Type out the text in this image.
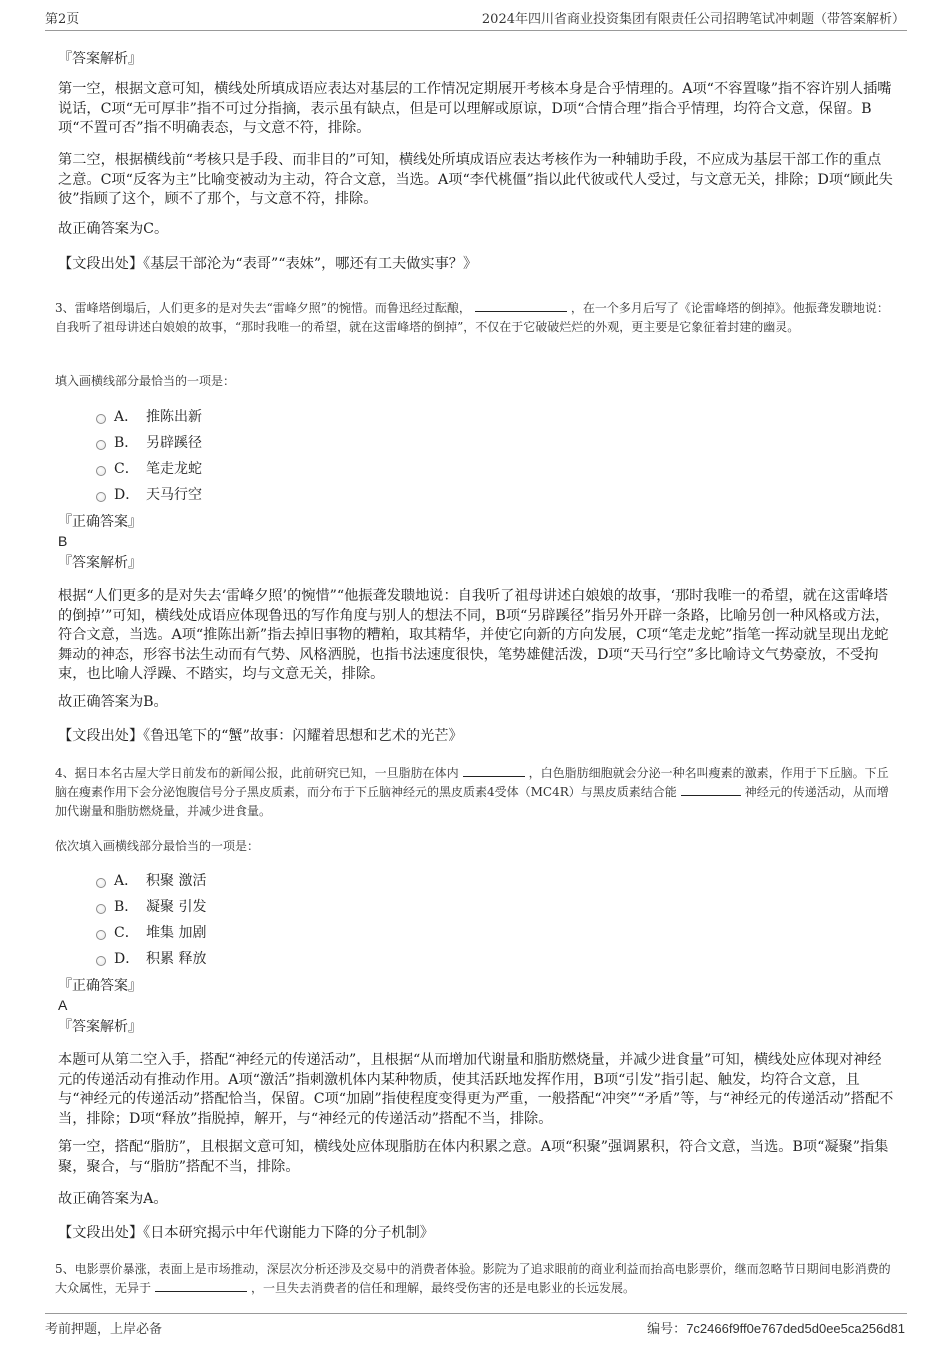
第2页	2024年四川省商业投资集团有限责任公司招聘笔试冲刺题（带答案解析）
『答案解析』
第一空，根据文意可知，横线处所填成语应表达对基层的工作情况定期展开考核本身是合乎情理的。A项“不容置喙”指不容许别人插嘴说话，C项“无可厚非”指不可过分指摘，表示虽有缺点，但是可以理解或原谅，D项“合情合理”指合乎情理，均符合文意，保留。B项“不置可否”指不明确表态，与文意不符，排除。
第二空，根据横线前“考核只是手段、而非目的”可知，横线处所填成语应表达考核作为一种辅助手段，不应成为基层干部工作的重点之意。C项“反客为主”比喻变被动为主动，符合文意，当选。A项“李代桃僵”指以此代彼或代人受过，与文意无关，排除；D项“顾此失彼”指顾了这个，顾不了那个，与文意不符，排除。
故正确答案为C。
【文段出处】《基层干部沦为“表哥”“表妹”，哪还有工夫做实事？》
3、雷峰塔倒塌后，人们更多的是对失去“雷峰夕照”的惋惜。而鲁迅经过酝酿，	，在一个多月后写了《论雷峰塔的倒掉》。他振聋发聩地说：自我听了祖母讲述白娘娘的故事，“那时我唯一的希望，就在这雷峰塔的倒掉”，不仅在于它破破烂烂的外观，更主要是它象征着封建的幽灵。
填入画横线部分最恰当的一项是：
A． 推陈出新
B． 另辟蹊径
C． 笔走龙蛇
D． 天马行空
『正确答案』
B
『答案解析』
根据“人们更多的是对失去‘雷峰夕照’的惋惜”“他振聋发聩地说：自我听了祖母讲述白娘娘的故事，‘那时我唯一的希望，就在这雷峰塔的倒掉’”可知，横线处成语应体现鲁迅的写作角度与别人的想法不同，B项“另辟蹊径”指另外开辟一条路，比喻另创一种风格或方法，符合文意，当选。A项“推陈出新”指去掉旧事物的糟粕，取其精华，并使它向新的方向发展，C项“笔走龙蛇”指笔一挥动就呈现出龙蛇舞动的神态，形容书法生动而有气势、风格洒脱，也指书法速度很快，笔势雄健活泼，D项“天马行空”多比喻诗文气势豪放，不受拘束，也比喻人浮躁、不踏实，均与文意无关，排除。
故正确答案为B。
【文段出处】《鲁迅笔下的“蟹”故事：闪耀着思想和艺术的光芒》
4、据日本名古屋大学日前发布的新闻公报，此前研究已知，一旦脂肪在体内	，白色脂肪细胞就会分泌一种名叫瘦素的激素，作用于下丘脑。下丘脑在瘦素作用下会分泌饱腹信号分子黑皮质素，而分布于下丘脑神经元的黑皮质素4受体（MC4R）与黑皮质素结合能	神经元的传递活动，从而增加代谢量和脂肪燃烧量，并减少进食量。
依次填入画横线部分最恰当的一项是：
A． 积聚 激活
B． 凝聚 引发
C． 堆集 加剧
D． 积累 释放
『正确答案』
A
『答案解析』
本题可从第二空入手，搭配“神经元的传递活动”，且根据“从而增加代谢量和脂肪燃烧量，并减少进食量”可知，横线处应体现对神经元的传递活动有推动作用。A项“激活”指刺激机体内某种物质，使其活跃地发挥作用，B项“引发”指引起、触发，均符合文意，且与“神经元的传递活动”搭配恰当，保留。C项“加剧”指使程度变得更为严重，一般搭配“冲突”“矛盾”等，与“神经元的传递活动”搭配不当，排除；D项“释放”指脱掉，解开，与“神经元的传递活动”搭配不当，排除。
第一空，搭配“脂肪”，且根据文意可知，横线处应体现脂肪在体内积累之意。A项“积聚”强调累积，符合文意，当选。B项“凝聚”指集聚，聚合，与“脂肪”搭配不当，排除。
故正确答案为A。
【文段出处】《日本研究揭示中年代谢能力下降的分子机制》
5、电影票价暴涨，表面上是市场推动，深层次分析还涉及交易中的消费者体验。影院为了追求眼前的商业利益而抬高电影票价，继而忽略节日期间电影消费的大众属性，无异于	，一旦失去消费者的信任和理解，最终受伤害的还是电影业的长远发展。
考前押题，上岸必备	编号：7c2466f9ff0e767ded5d0ee5ca256d81
